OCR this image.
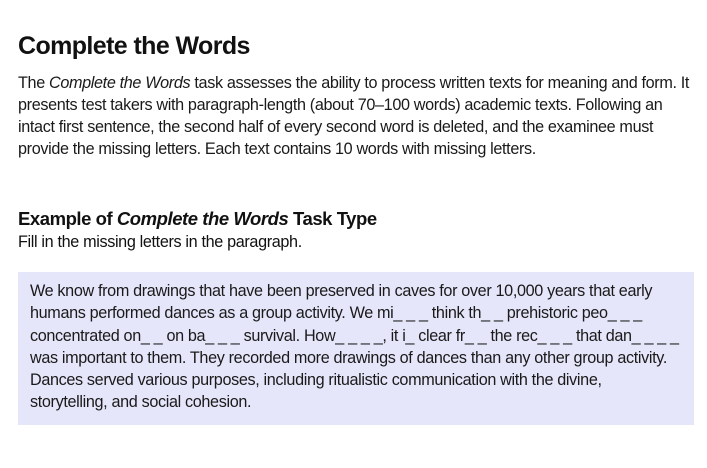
Complete the Words

The Complete the Words task assesses the ability to process written texts for meaning and form. It presents test takers with paragraph-length (about 70–100 words) academic texts. Following an intact first sentence, the second half of every second word is deleted, and the examinee must provide the missing letters. Each text contains 10 words with missing letters.

Example of Complete the Words Task Type

Fill in the missing letters in the paragraph.

We know from drawings that have been preserved in caves for over 10,000 years that early humans performed dances as a group activity. We mi_ _ _ think th_ _ prehistoric peo_ _ _ concentrated on_ _ on ba_ _ _ survival. How_ _ _ _, it i_ clear fr_ _ the rec_ _ _ that dan_ _ _ _ was important to them. They recorded more drawings of dances than any other group activity. Dances served various purposes, including ritualistic communication with the divine, storytelling, and social cohesion.
